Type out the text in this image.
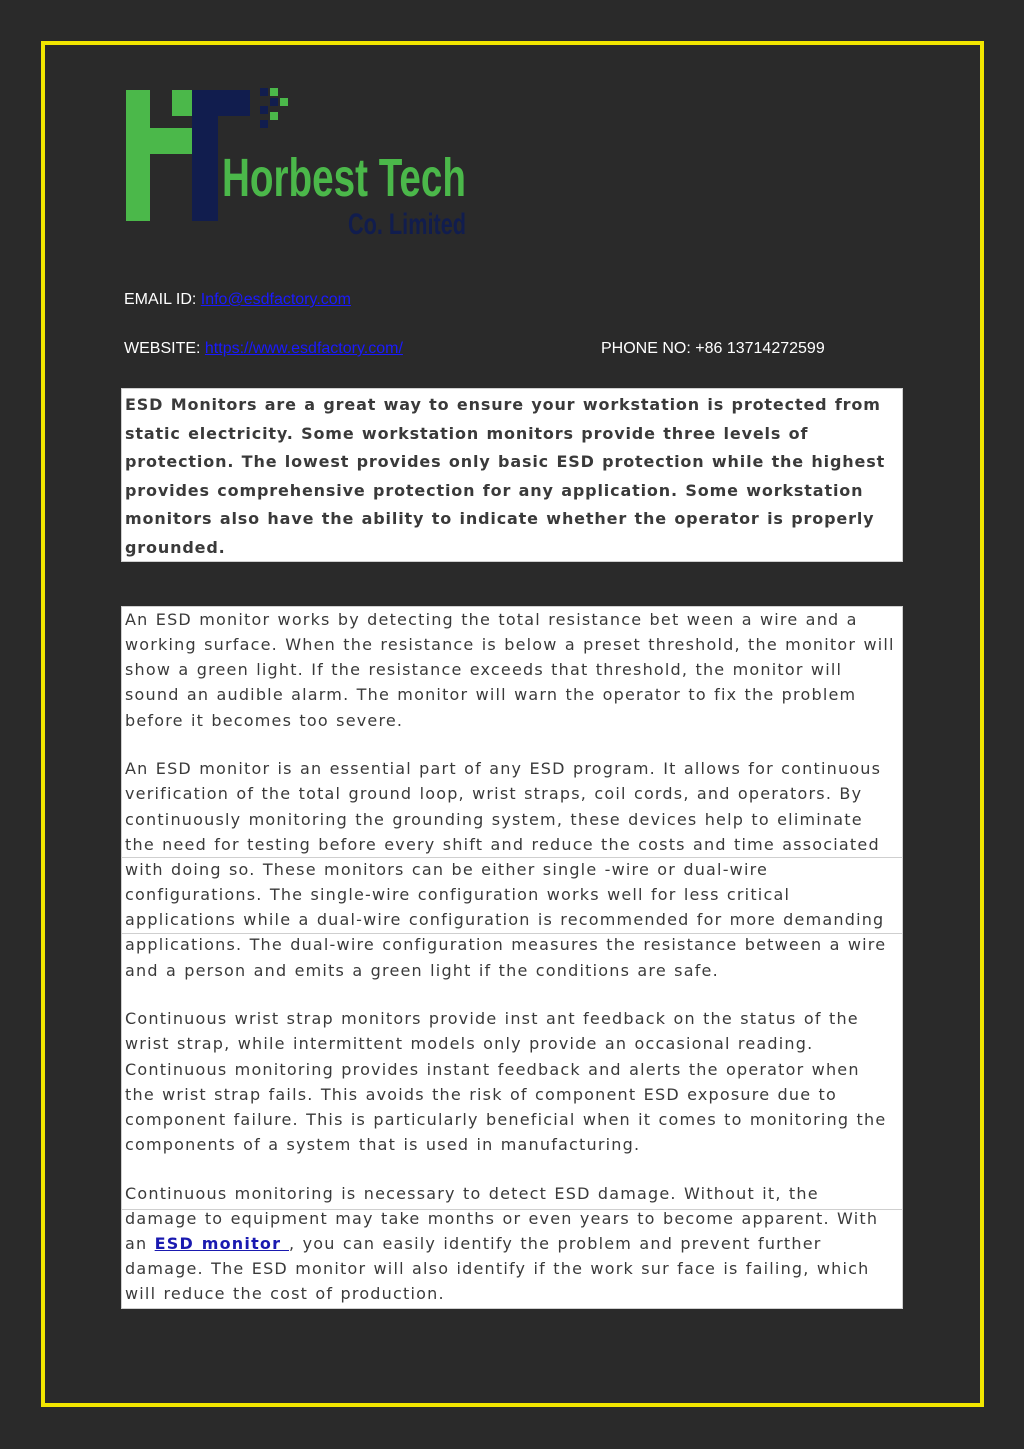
Horbest Tech
Co. Limited
EMAIL ID: Info@esdfactory.com
WEBSITE: https://www.esdfactory.com/	PHONE NO: +86 13714272599

ESD Monitors are a great way to ensure your workstation is protected from static electricity. Some workstation monitors provide three levels of protection. The lowest provides only basic ESD protection while the highest provides comprehensive protection for any application. Some workstation monitors also have the ability to indicate whether the operator is properly grounded.

An ESD monitor works by detecting the total resistance bet ween a wire and a working surface. When the resistance is below a preset threshold, the monitor will show a green light. If the resistance exceeds that threshold, the monitor will sound an audible alarm. The monitor will warn the operator to fix the problem before it becomes too severe.

An ESD monitor is an essential part of any ESD program. It allows for continuous verification of the total ground loop, wrist straps, coil cords, and operators. By continuously monitoring the grounding system, these devices help to eliminate the need for testing before every shift and reduce the costs and time associated with doing so. These monitors can be either single -wire or dual-wire configurations. The single-wire configuration works well for less critical applications while a dual-wire configuration is recommended for more demanding applications. The dual-wire configuration measures the resistance between a wire and a person and emits a green light if the conditions are safe.

Continuous wrist strap monitors provide inst ant feedback on the status of the wrist strap, while intermittent models only provide an occasional reading. Continuous monitoring provides instant feedback and alerts the operator when the wrist strap fails. This avoids the risk of component ESD exposure due to component failure. This is particularly beneficial when it comes to monitoring the components of a system that is used in manufacturing.

Continuous monitoring is necessary to detect ESD damage. Without it, the damage to equipment may take months or even years to become apparent. With an ESD monitor , you can easily identify the problem and prevent further damage. The ESD monitor will also identify if the work sur face is failing, which will reduce the cost of production.
